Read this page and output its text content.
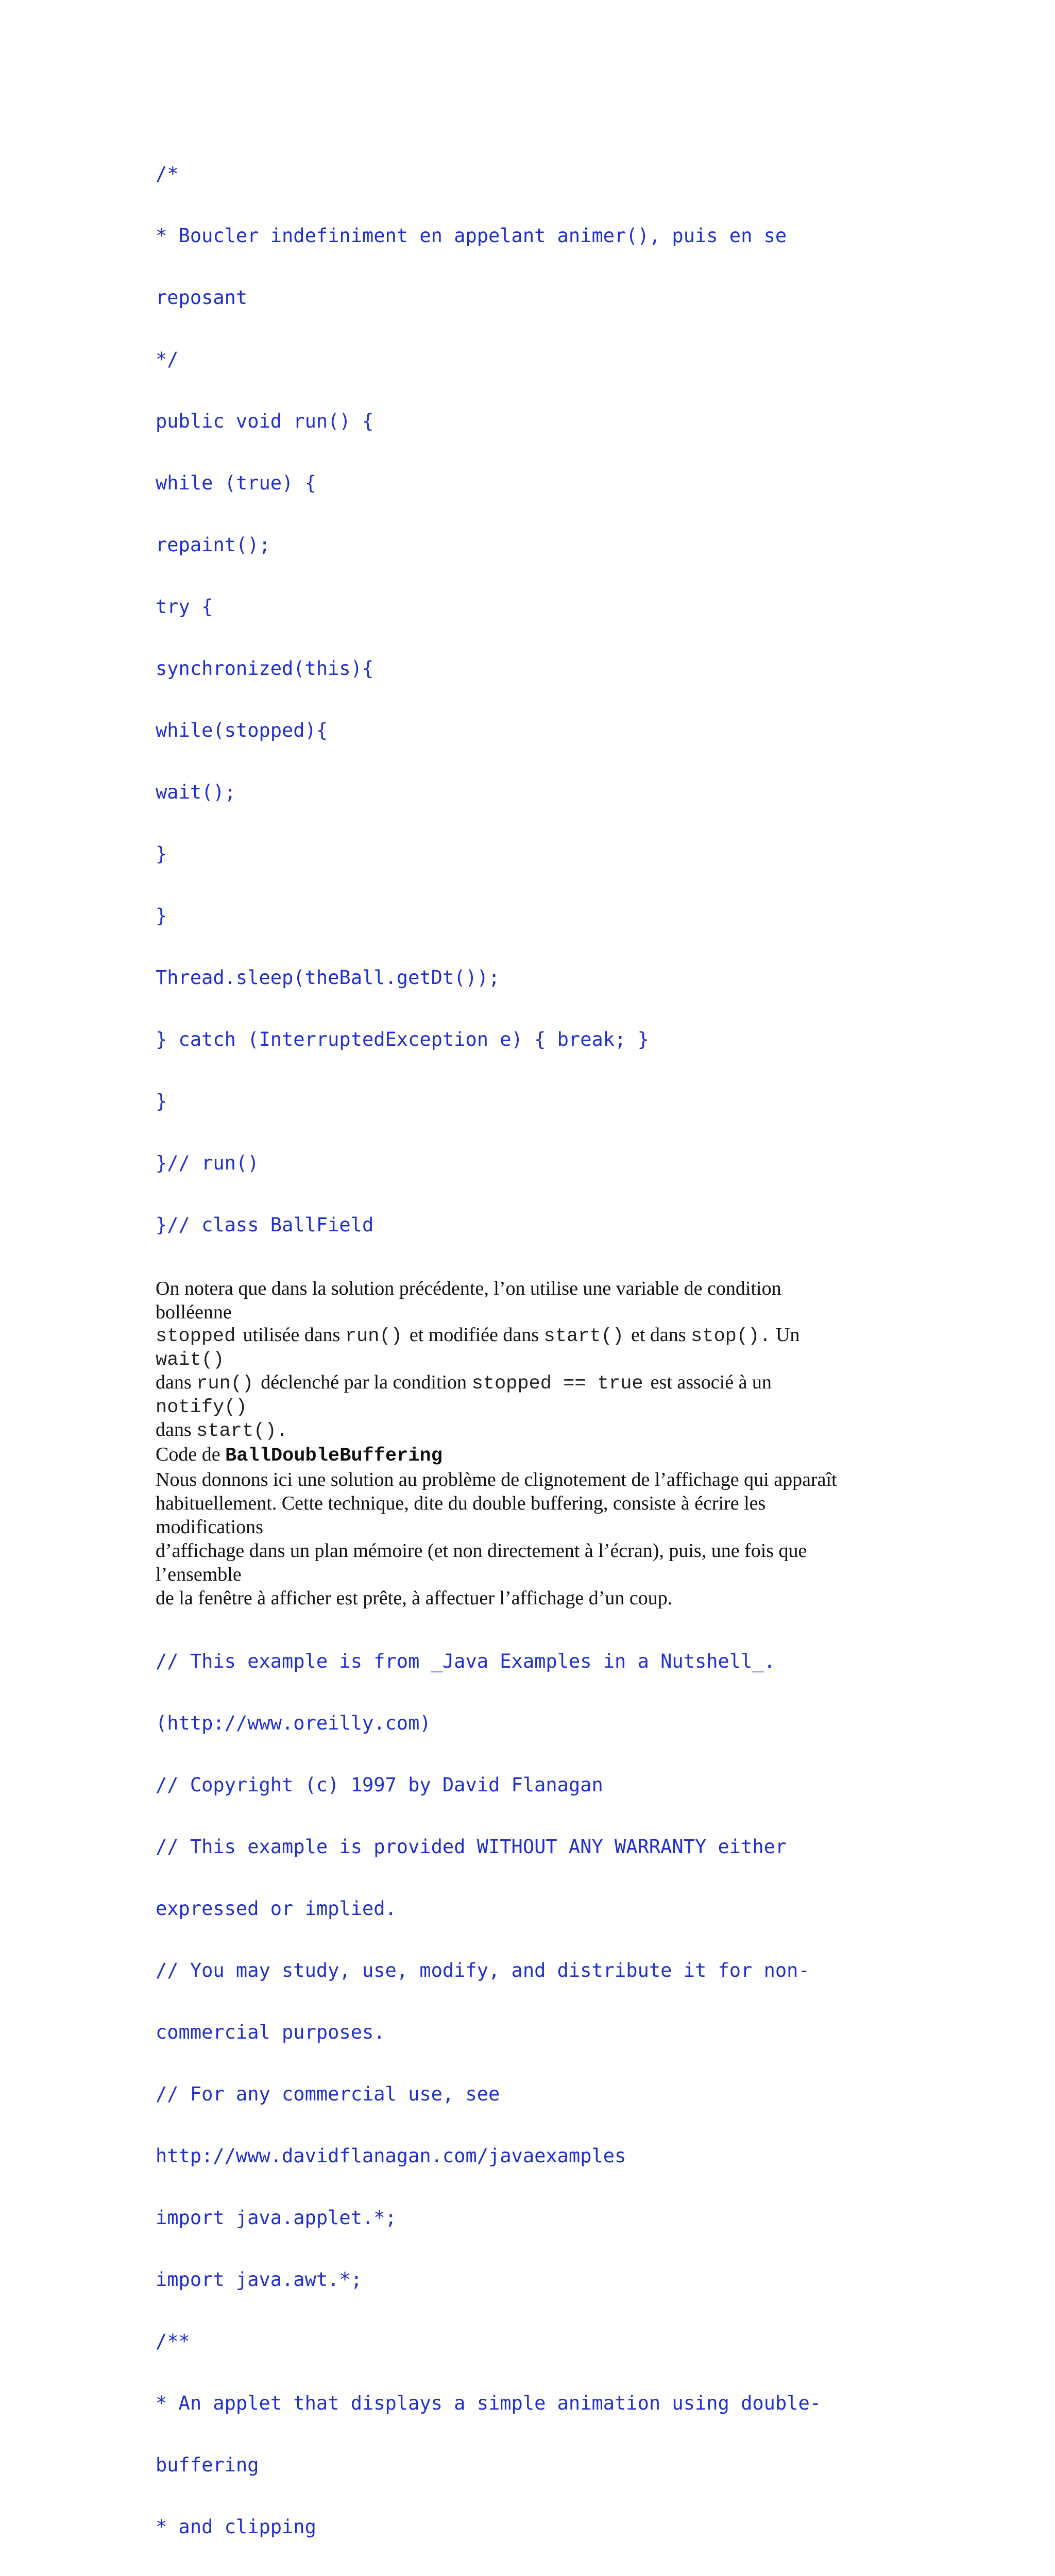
/*

* Boucler indefiniment en appelant animer(), puis en se

reposant

*/

public void run() {

while (true) {

repaint();

try {

synchronized(this){

while(stopped){

wait();

}

}

Thread.sleep(theBall.getDt());

} catch (InterruptedException e) { break; }

}

}// run()

}// class BallField

On notera que dans la solution précédente, l’on utilise une variable de condition
bolléenne
stopped utilisée dans run() et modifiée dans start() et dans stop(). Un
wait()
dans run() déclenché par la condition stopped == true est associé à un
notify()
dans start().
Code de BallDoubleBuffering
Nous donnons ici une solution au problème de clignotement de l’affichage qui apparaît
habituellement. Cette technique, dite du double buffering, consiste à écrire les
modifications
d’affichage dans un plan mémoire (et non directement à l’écran), puis, une fois que
l’ensemble
de la fenêtre à afficher est prête, à affectuer l’affichage d’un coup.

// This example is from _Java Examples in a Nutshell_.

(http://www.oreilly.com)

// Copyright (c) 1997 by David Flanagan

// This example is provided WITHOUT ANY WARRANTY either

expressed or implied.

// You may study, use, modify, and distribute it for non-

commercial purposes.

// For any commercial use, see

http://www.davidflanagan.com/javaexamples

import java.applet.*;

import java.awt.*;

/**

* An applet that displays a simple animation using double-

buffering

* and clipping
